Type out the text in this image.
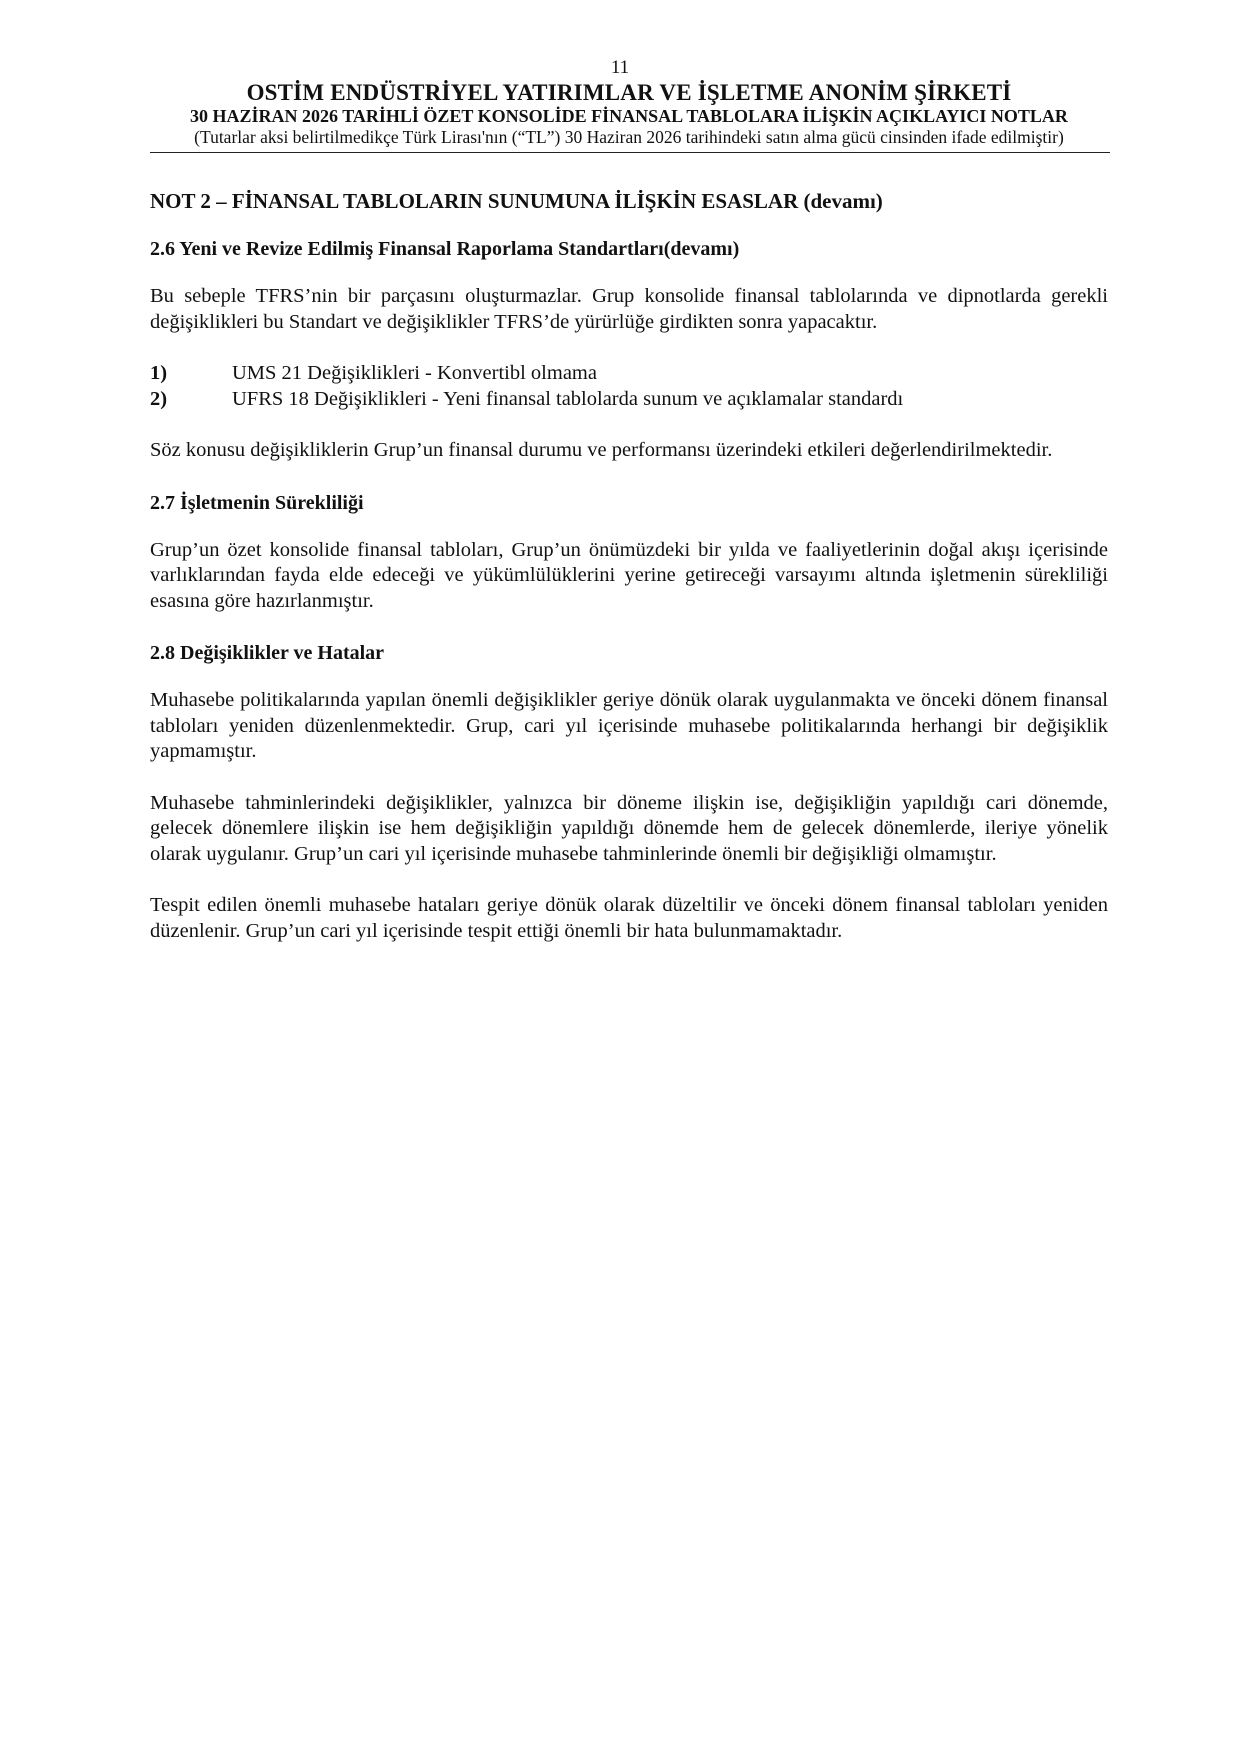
11
OSTİM ENDÜSTRİYEL YATIRIMLAR VE İŞLETME ANONİM ŞİRKETİ
30 HAZİRAN 2026 TARİHLİ ÖZET KONSOLİDE FİNANSAL TABLOLARA İLİŞKİN AÇIKLAYICI NOTLAR
(Tutarlar aksi belirtilmedikçe Türk Lirası'nın (“TL”) 30 Haziran 2026 tarihindeki satın alma gücü cinsinden ifade edilmiştir)
NOT 2 – FİNANSAL TABLOLARIN SUNUMUNA İLİŞKİN ESASLAR (devamı)
2.6 Yeni ve Revize Edilmiş Finansal Raporlama Standartları(devamı)

Bu sebeple TFRS’nin bir parçasını oluşturmazlar. Grup konsolide finansal tablolarında ve dipnotlarda gerekli değişiklikleri bu Standart ve değişiklikler TFRS’de yürürlüğe girdikten sonra yapacaktır.

1)	UMS 21 Değişiklikleri - Konvertibl olmama
2)	UFRS 18 Değişiklikleri - Yeni finansal tablolarda sunum ve açıklamalar standardı

Söz konusu değişikliklerin Grup’un finansal durumu ve performansı üzerindeki etkileri değerlendirilmektedir.

2.7 İşletmenin Sürekliliği

Grup’un özet konsolide finansal tabloları, Grup’un önümüzdeki bir yılda ve faaliyetlerinin doğal akışı içerisinde varlıklarından fayda elde edeceği ve yükümlülüklerini yerine getireceği varsayımı altında işletmenin sürekliliği esasına göre hazırlanmıştır.

2.8 Değişiklikler ve Hatalar

Muhasebe politikalarında yapılan önemli değişiklikler geriye dönük olarak uygulanmakta ve önceki dönem finansal tabloları yeniden düzenlenmektedir. Grup, cari yıl içerisinde muhasebe politikalarında herhangi bir değişiklik yapmamıştır.

Muhasebe tahminlerindeki değişiklikler, yalnızca bir döneme ilişkin ise, değişikliğin yapıldığı cari dönemde, gelecek dönemlere ilişkin ise hem değişikliğin yapıldığı dönemde hem de gelecek dönemlerde, ileriye yönelik olarak uygulanır. Grup’un cari yıl içerisinde muhasebe tahminlerinde önemli bir değişikliği olmamıştır.

Tespit edilen önemli muhasebe hataları geriye dönük olarak düzeltilir ve önceki dönem finansal tabloları yeniden düzenlenir. Grup’un cari yıl içerisinde tespit ettiği önemli bir hata bulunmamaktadır.
